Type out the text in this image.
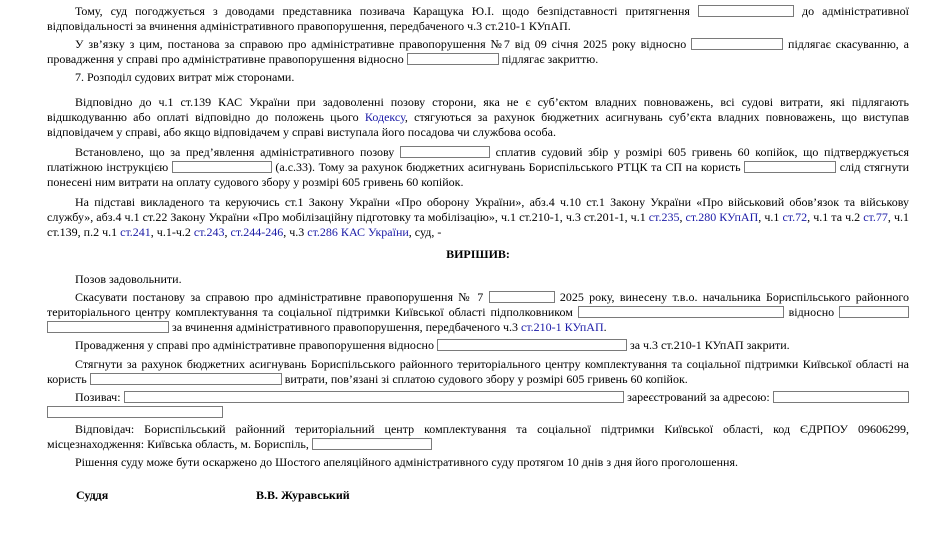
Тому, суд погоджується з доводами представника позивача Каращука Ю.І. щодо безпідставності притягнення	до адміністративної відповідальності за вчинення адміністративного правопорушення, передбаченого ч.3 ст.210-1 КУпАП.

У зв’язку з цим, постанова за справою про адміністративне правопорушення №7 від 09 січня 2025 року відносно	підлягає скасуванню, а провадження у справі про адміністративне правопорушення відносно	підлягає закриттю.

7. Розподіл судових витрат між сторонами.

Відповідно до ч.1 ст.139 КАС України при задоволенні позову сторони, яка не є суб’єктом владних повноважень, всі судові витрати, які підлягають відшкодуванню або оплаті відповідно до положень цього Кодексу, стягуються за рахунок бюджетних асигнувань суб’єкта владних повноважень, що виступав відповідачем у справі, або якщо відповідачем у справі виступала його посадова чи службова особа.

Встановлено, що за пред’явлення адміністративного позову	сплатив судовий збір у розмірі 605 гривень 60 копійок, що підтверджується платіжною інструкцією	(а.с.33). Тому за рахунок бюджетних асигнувань Бориспільського РТЦК та СП на користь	слід стягнути понесені ним витрати на оплату судового збору у розмірі 605 гривень 60 копійок.

На підставі викладеного та керуючись ст.1 Закону України «Про оборону України», абз.4 ч.10 ст.1 Закону України «Про військовий обов’язок та військову службу», абз.4 ч.1 ст.22 Закону України «Про мобілізаційну підготовку та мобілізацію», ч.1 ст.210-1, ч.3 ст.201-1, ч.1 ст.235, ст.280 КУпАП, ч.1 ст.72, ч.1 та ч.2 ст.77, ч.1 ст.139, п.2 ч.1 ст.241, ч.1-ч.2 ст.243, ст.244-246, ч.3 ст.286 КАС України, суд, -

ВИРІШИВ:

Позов задовольнити.

Скасувати постанову за справою про адміністративне правопорушення № 7	2025 року, винесену т.в.о. начальника Бориспільського районного територіального центру комплектування та соціальної підтримки Київської області підполковником	відносно   за вчинення адміністративного правопорушення, передбаченого ч.3 ст.210-1 КУпАП.

Провадження у справі про адміністративне правопорушення відносно	за ч.3 ст.210-1 КУпАП закрити.

Стягнути за рахунок бюджетних асигнувань Бориспільського районного територіального центру комплектування та соціальної підтримки Київської області на користь	витрати, пов’язані зі сплатою судового збору у розмірі 605 гривень 60 копійок.

Позивач:	зареєстрований за адресою:

Відповідач: Бориспільський районний територіальний центр комплектування та соціальної підтримки Київської області, код ЄДРПОУ 09606299, місцезнаходження: Київська область, м. Бориспіль,

Рішення суду може бути оскаржено до Шостого апеляційного адміністративного суду протягом 10 днів з дня його проголошення.

Суддя	В.В. Журавський
